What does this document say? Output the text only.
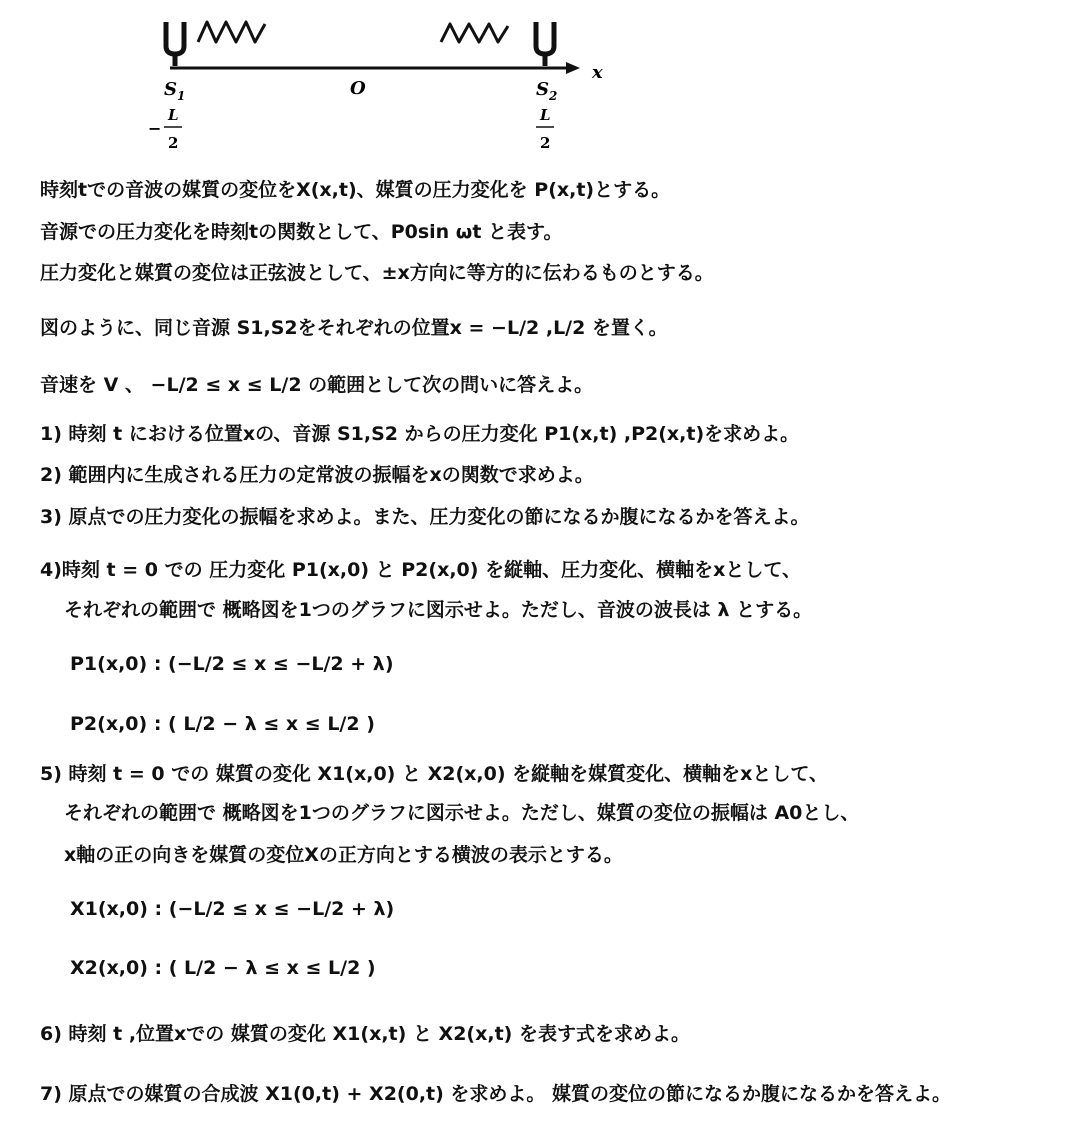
x
$S_1$	O	$S_2$
−
L
2
L
2
時刻tでの音波の媒質の変位をX(x,t)、媒質の圧力変化を P(x,t)とする。
音源での圧力変化を時刻tの関数として、P0sin ωt と表す。
圧力変化と媒質の変位は正弦波として、±x方向に等方的に伝わるものとする。
図のように、同じ音源 S1,S2をそれぞれの位置x = −L/2 ,L/2 を置く。
音速を V 、 −L/2 ≤ x ≤ L/2 の範囲として次の問いに答えよ。
1) 時刻 t における位置xの、音源 S1,S2 からの圧力変化 P1(x,t) ,P2(x,t)を求めよ。
2) 範囲内に生成される圧力の定常波の振幅をxの関数で求めよ。
3) 原点での圧力変化の振幅を求めよ。また、圧力変化の節になるか腹になるかを答えよ。
4)時刻 t = 0 での 圧力変化 P1(x,0) と P2(x,0) を縦軸、圧力変化、横軸をxとして、
それぞれの範囲で 概略図を1つのグラフに図示せよ。ただし、音波の波長は λ とする。
P1(x,0) : (−L/2 ≤ x ≤ −L/2 + λ)
P2(x,0) : ( L/2 − λ ≤ x ≤ L/2 )
5) 時刻 t = 0 での 媒質の変化 X1(x,0) と X2(x,0) を縦軸を媒質変化、横軸をxとして、
それぞれの範囲で 概略図を1つのグラフに図示せよ。ただし、媒質の変位の振幅は A0とし、
x軸の正の向きを媒質の変位Xの正方向とする横波の表示とする。
X1(x,0) : (−L/2 ≤ x ≤ −L/2 + λ)
X2(x,0) : ( L/2 − λ ≤ x ≤ L/2 )
6) 時刻 t ,位置xでの 媒質の変化 X1(x,t) と X2(x,t) を表す式を求めよ。
7) 原点での媒質の合成波 X1(0,t) + X2(0,t) を求めよ。 媒質の変位の節になるか腹になるかを答えよ。
